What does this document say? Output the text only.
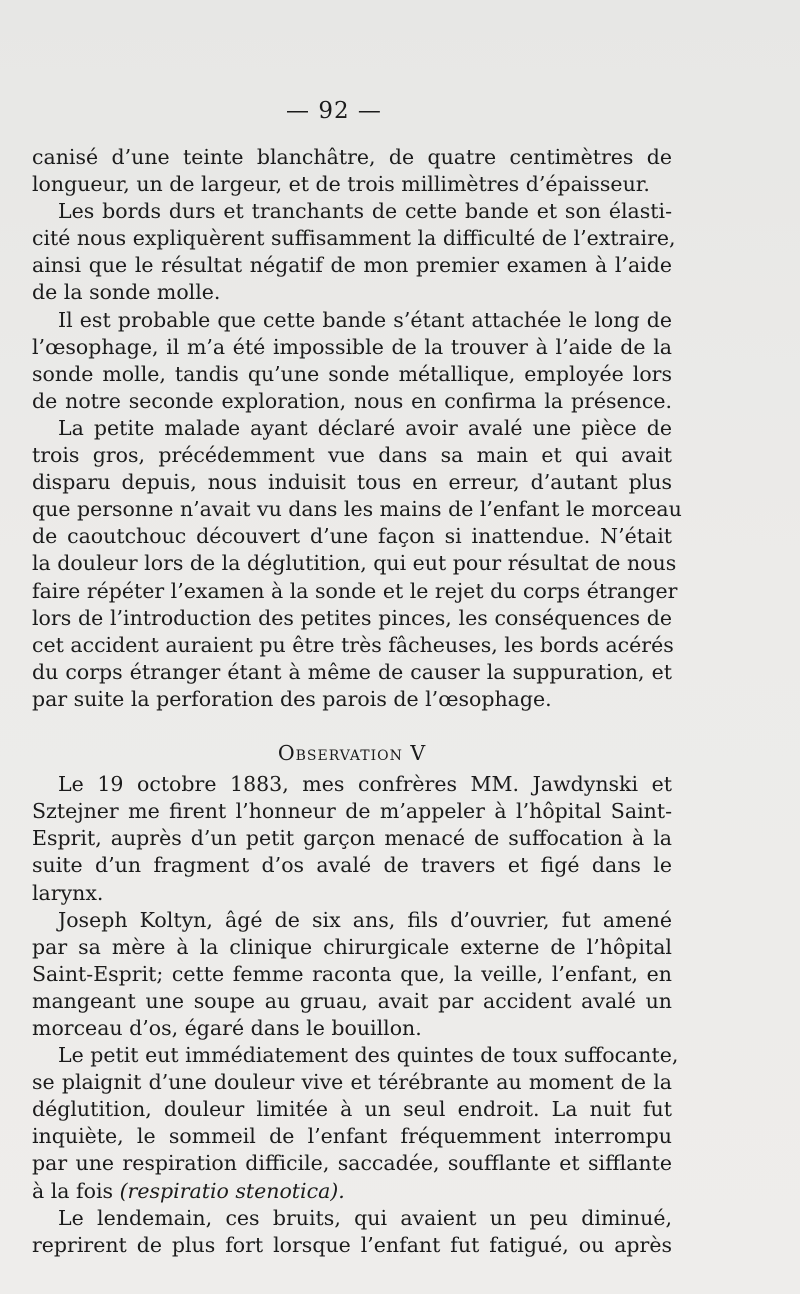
— 92 —
canisé d’une teinte blanchâtre, de quatre centimètres de
longueur, un de largeur, et de trois millimètres d’épaisseur.
Les bords durs et tranchants de cette bande et son élasti-
cité nous expliquèrent suffisamment la difficulté de l’extraire,
ainsi que le résultat négatif de mon premier examen à l’aide
de la sonde molle.
Il est probable que cette bande s’étant attachée le long de
l’œsophage, il m’a été impossible de la trouver à l’aide de la
sonde molle, tandis qu’une sonde métallique, employée lors
de notre seconde exploration, nous en confirma la présence.
La petite malade ayant déclaré avoir avalé une pièce de
trois gros, précédemment vue dans sa main et qui avait
disparu depuis, nous induisit tous en erreur, d’autant plus
que personne n’avait vu dans les mains de l’enfant le morceau
de caoutchouc découvert d’une façon si inattendue. N’était
la douleur lors de la déglutition, qui eut pour résultat de nous
faire répéter l’examen à la sonde et le rejet du corps étranger
lors de l’introduction des petites pinces, les conséquences de
cet accident auraient pu être très fâcheuses, les bords acérés
du corps étranger étant à même de causer la suppuration, et
par suite la perforation des parois de l’œsophage.
Observation V
Le 19 octobre 1883, mes confrères MM. Jawdynski et
Sztejner me firent l’honneur de m’appeler à l’hôpital Saint-
Esprit, auprès d’un petit garçon menacé de suffocation à la
suite d’un fragment d’os avalé de travers et figé dans le
larynx.
Joseph Koltyn, âgé de six ans, fils d’ouvrier, fut amené
par sa mère à la clinique chirurgicale externe de l’hôpital
Saint-Esprit; cette femme raconta que, la veille, l’enfant, en
mangeant une soupe au gruau, avait par accident avalé un
morceau d’os, égaré dans le bouillon.
Le petit eut immédiatement des quintes de toux suffocante,
se plaignit d’une douleur vive et térébrante au moment de la
déglutition, douleur limitée à un seul endroit. La nuit fut
inquiète, le sommeil de l’enfant fréquemment interrompu
par une respiration difficile, saccadée, soufflante et sifflante
à la fois (respiratio stenotica).
Le lendemain, ces bruits, qui avaient un peu diminué,
reprirent de plus fort lorsque l’enfant fut fatigué, ou après
